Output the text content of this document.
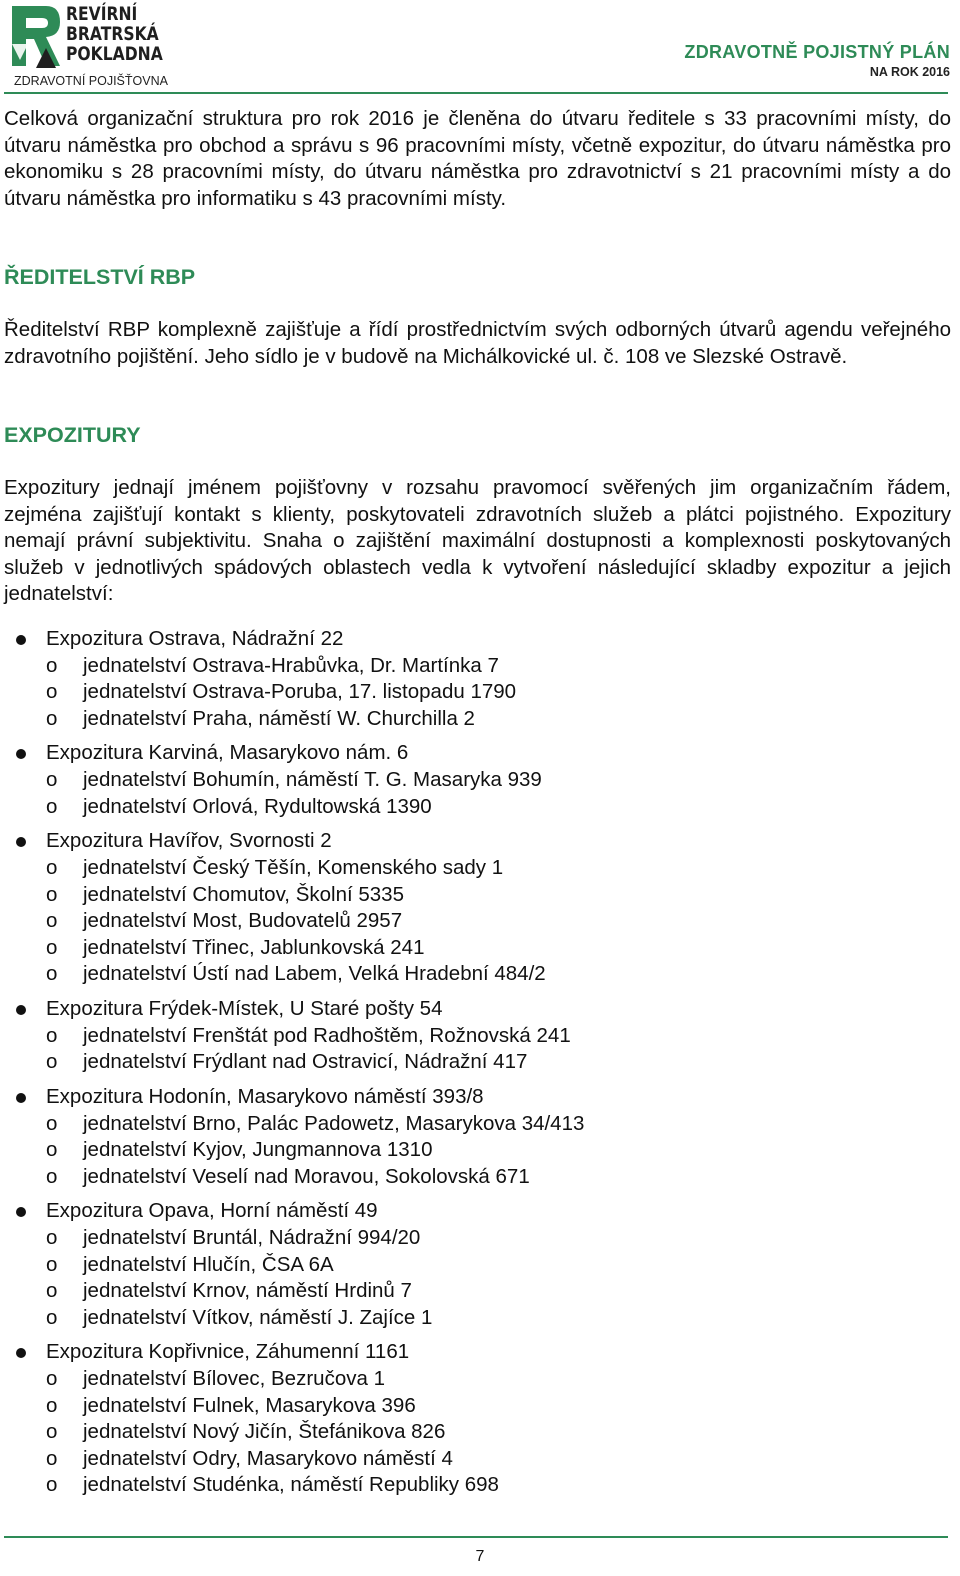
REVÍRNÍ
BRATRSKÁ
POKLADNA
ZDRAVOTNÍ POJIŠŤOVNA
ZDRAVOTNĚ POJISTNÝ PLÁN
NA ROK 2016

Celková organizační struktura pro rok 2016 je členěna do útvaru ředitele s 33 pracovními místy, do útvaru náměstka pro obchod a správu s 96 pracovními místy, včetně expozitur, do útvaru náměstka pro ekonomiku s 28 pracovními místy, do útvaru náměstka pro zdravotnictví s 21 pracovními místy a do útvaru náměstka pro informatiku s 43 pracovními místy.

ŘEDITELSTVÍ RBP

Ředitelství RBP komplexně zajišťuje a řídí prostřednictvím svých odborných útvarů agendu veřejného zdravotního pojištění. Jeho sídlo je v budově na Michálkovické ul. č. 108 ve Slezské Ostravě.

EXPOZITURY

Expozitury jednají jménem pojišťovny v rozsahu pravomocí svěřených jim organizačním řádem, zejména zajišťují kontakt s klienty, poskytovateli zdravotních služeb a plátci pojistného. Expozitury nemají právní subjektivitu. Snaha o zajištění maximální dostupnosti a komplexnosti poskytovaných služeb v jednotlivých spádových oblastech vedla k vytvoření následující skladby expozitur a jejich jednatelství:

Expozitura Ostrava, Nádražní 22
o jednatelství Ostrava-Hrabůvka, Dr. Martínka 7
o jednatelství Ostrava-Poruba, 17. listopadu 1790
o jednatelství Praha, náměstí W. Churchilla 2
Expozitura Karviná, Masarykovo nám. 6
o jednatelství Bohumín, náměstí T. G. Masaryka 939
o jednatelství Orlová, Rydultowská 1390
Expozitura Havířov, Svornosti 2
o jednatelství Český Těšín, Komenského sady 1
o jednatelství Chomutov, Školní 5335
o jednatelství Most, Budovatelů 2957
o jednatelství Třinec, Jablunkovská 241
o jednatelství Ústí nad Labem, Velká Hradební 484/2
Expozitura Frýdek-Místek, U Staré pošty 54
o jednatelství Frenštát pod Radhoštěm, Rožnovská 241
o jednatelství Frýdlant nad Ostravicí, Nádražní 417
Expozitura Hodonín, Masarykovo náměstí 393/8
o jednatelství Brno, Palác Padowetz, Masarykova 34/413
o jednatelství Kyjov, Jungmannova 1310
o jednatelství Veselí nad Moravou, Sokolovská 671
Expozitura Opava, Horní náměstí 49
o jednatelství Bruntál, Nádražní 994/20
o jednatelství Hlučín, ČSA 6A
o jednatelství Krnov, náměstí Hrdinů 7
o jednatelství Vítkov, náměstí J. Zajíce 1
Expozitura Kopřivnice, Záhumenní 1161
o jednatelství Bílovec, Bezručova 1
o jednatelství Fulnek, Masarykova 396
o jednatelství Nový Jičín, Štefánikova 826
o jednatelství Odry, Masarykovo náměstí 4
o jednatelství Studénka, náměstí Republiky 698
7
